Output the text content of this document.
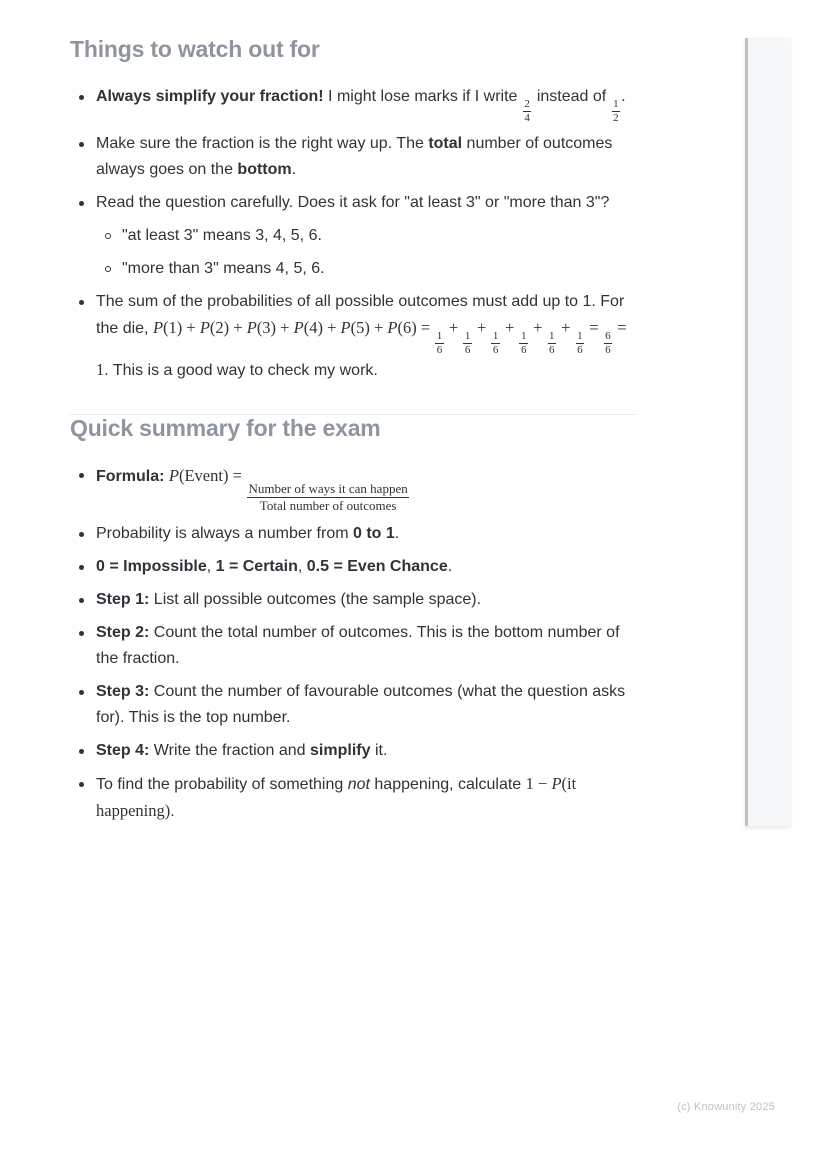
Things to watch out for
Always simplify your fraction! I might lose marks if I write
$\frac{2}{4}$
instead of
$\frac{1}{2}$
.
Make sure the fraction is the right way up. The total number of outcomes always goes on the bottom.
Read the question carefully. Does it ask for "at least 3" or "more than 3"?
"at least 3" means 3, 4, 5, 6.
"more than 3" means 4, 5, 6.
The sum of the probabilities of all possible outcomes must add up to 1. For the die, P(1) + P(2) + P(3) + P(4) + P(5) + P(6) =
$\frac{1}{6}$
+
$\frac{1}{6}$
+
$\frac{1}{6}$
+
$\frac{1}{6}$
+
$\frac{1}{6}$
+
$\frac{1}{6}$
=
$\frac{6}{6}$
= 1. This is a good way to check my work.
Quick summary for the exam
Formula: P(Event) =
$\frac{\text{Number of ways it can happen}}{\text{Total number of outcomes}}$
Probability is always a number from 0 to 1.
0 = Impossible, 1 = Certain, 0.5 = Even Chance.
Step 1: List all possible outcomes (the sample space).
Step 2: Count the total number of outcomes. This is the bottom number of the fraction.
Step 3: Count the number of favourable outcomes (what the question asks for). This is the top number.
Step 4: Write the fraction and simplify it.
To find the probability of something not happening, calculate 1 − P(it happening).
(c) Knowunity 2025
